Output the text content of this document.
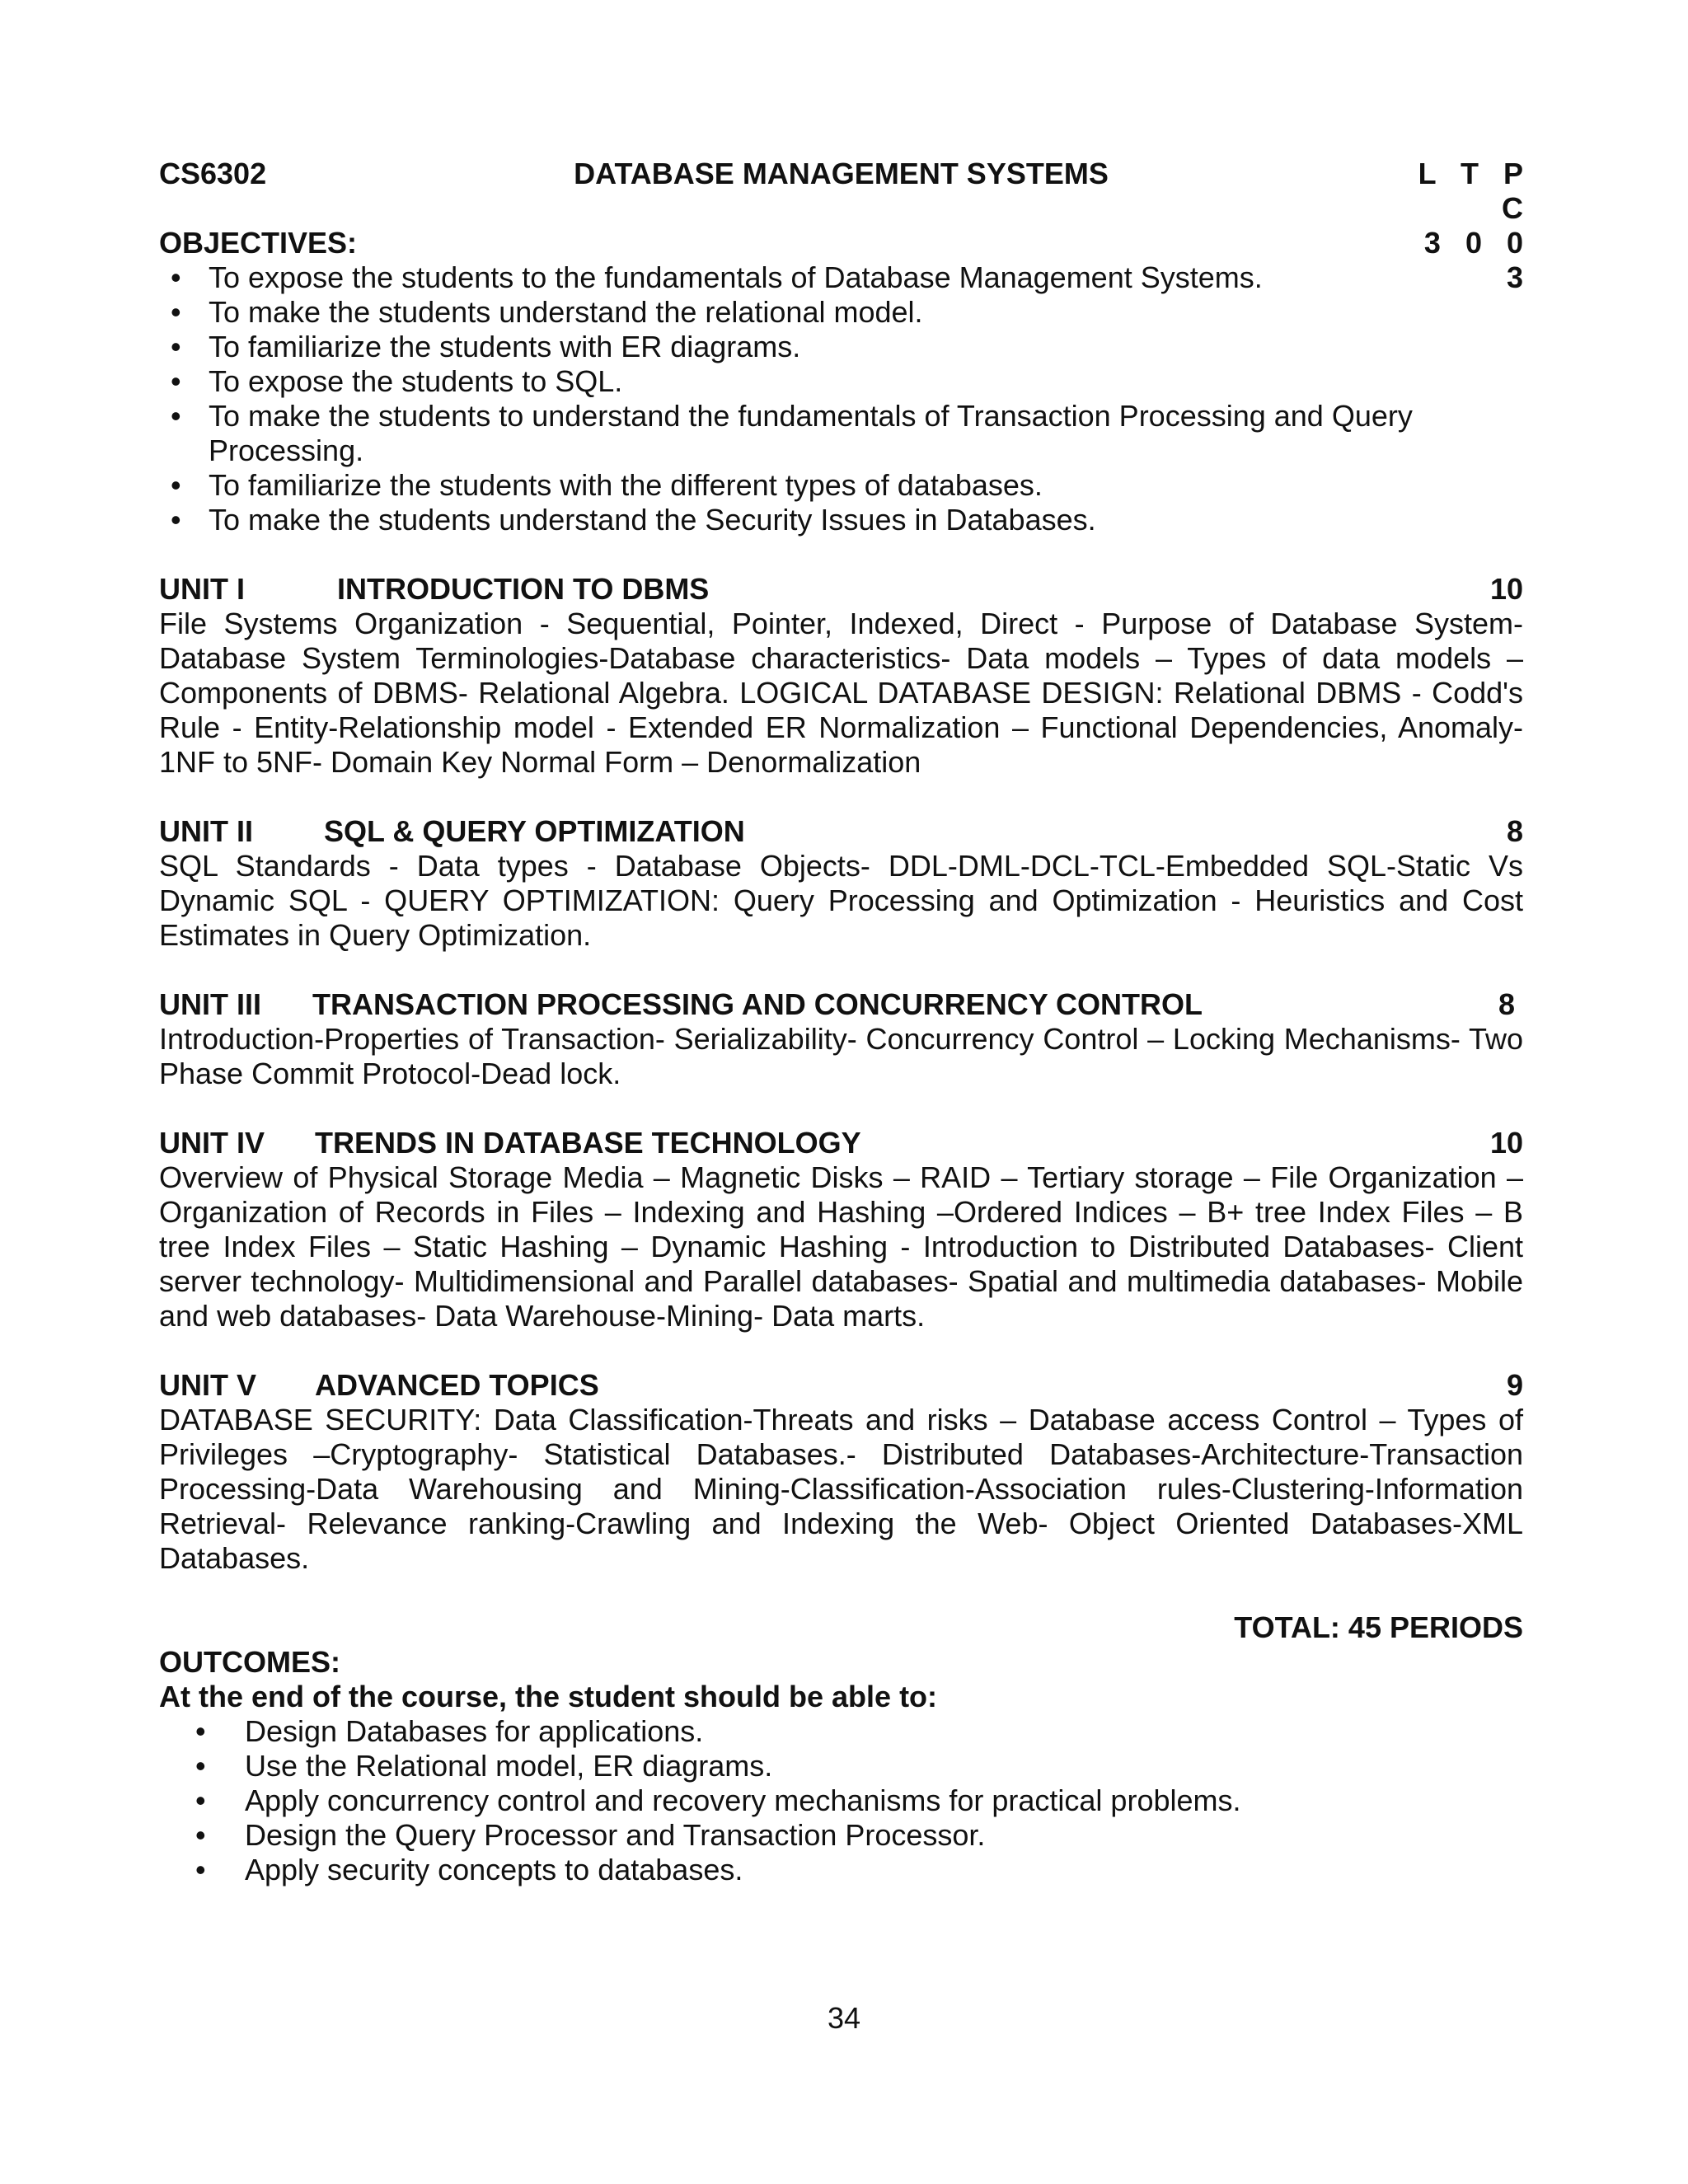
CS6302	DATABASE MANAGEMENT SYSTEMS	L T P C
3 0 0 3
OBJECTIVES:
• To expose the students to the fundamentals of Database Management Systems.
• To make the students understand the relational model.
• To familiarize the students with ER diagrams.
• To expose the students to SQL.
• To make the students to understand the fundamentals of Transaction Processing and Query Processing.
• To familiarize the students with the different types of databases.
• To make the students understand the Security Issues in Databases.
UNIT I	INTRODUCTION TO DBMS	10
File Systems Organization - Sequential, Pointer, Indexed, Direct - Purpose of Database System- Database System Terminologies-Database characteristics- Data models – Types of data models – Components of DBMS- Relational Algebra. LOGICAL DATABASE DESIGN: Relational DBMS - Codd's Rule - Entity-Relationship model - Extended ER Normalization – Functional Dependencies, Anomaly- 1NF to 5NF- Domain Key Normal Form – Denormalization
UNIT II SQL & QUERY OPTIMIZATION	8
SQL Standards - Data types - Database Objects- DDL-DML-DCL-TCL-Embedded SQL-Static Vs Dynamic SQL - QUERY OPTIMIZATION: Query Processing and Optimization - Heuristics and Cost Estimates in Query Optimization.
UNIT III TRANSACTION PROCESSING AND CONCURRENCY CONTROL	8
Introduction-Properties of Transaction- Serializability- Concurrency Control – Locking Mechanisms- Two Phase Commit Protocol-Dead lock.
UNIT IV TRENDS IN DATABASE TECHNOLOGY	10
Overview of Physical Storage Media – Magnetic Disks – RAID – Tertiary storage – File Organization – Organization of Records in Files – Indexing and Hashing –Ordered Indices – B+ tree Index Files – B tree Index Files – Static Hashing – Dynamic Hashing - Introduction to Distributed Databases- Client server technology- Multidimensional and Parallel databases- Spatial and multimedia databases- Mobile and web databases- Data Warehouse-Mining- Data marts.
UNIT V ADVANCED TOPICS	9
DATABASE SECURITY: Data Classification-Threats and risks – Database access Control – Types of Privileges –Cryptography- Statistical Databases.- Distributed Databases-Architecture-Transaction Processing-Data Warehousing and Mining-Classification-Association rules-Clustering-Information Retrieval- Relevance ranking-Crawling and Indexing the Web- Object Oriented Databases-XML Databases.
TOTAL: 45 PERIODS
OUTCOMES:
At the end of the course, the student should be able to:
• Design Databases for applications.
• Use the Relational model, ER diagrams.
• Apply concurrency control and recovery mechanisms for practical problems.
• Design the Query Processor and Transaction Processor.
• Apply security concepts to databases.
34
